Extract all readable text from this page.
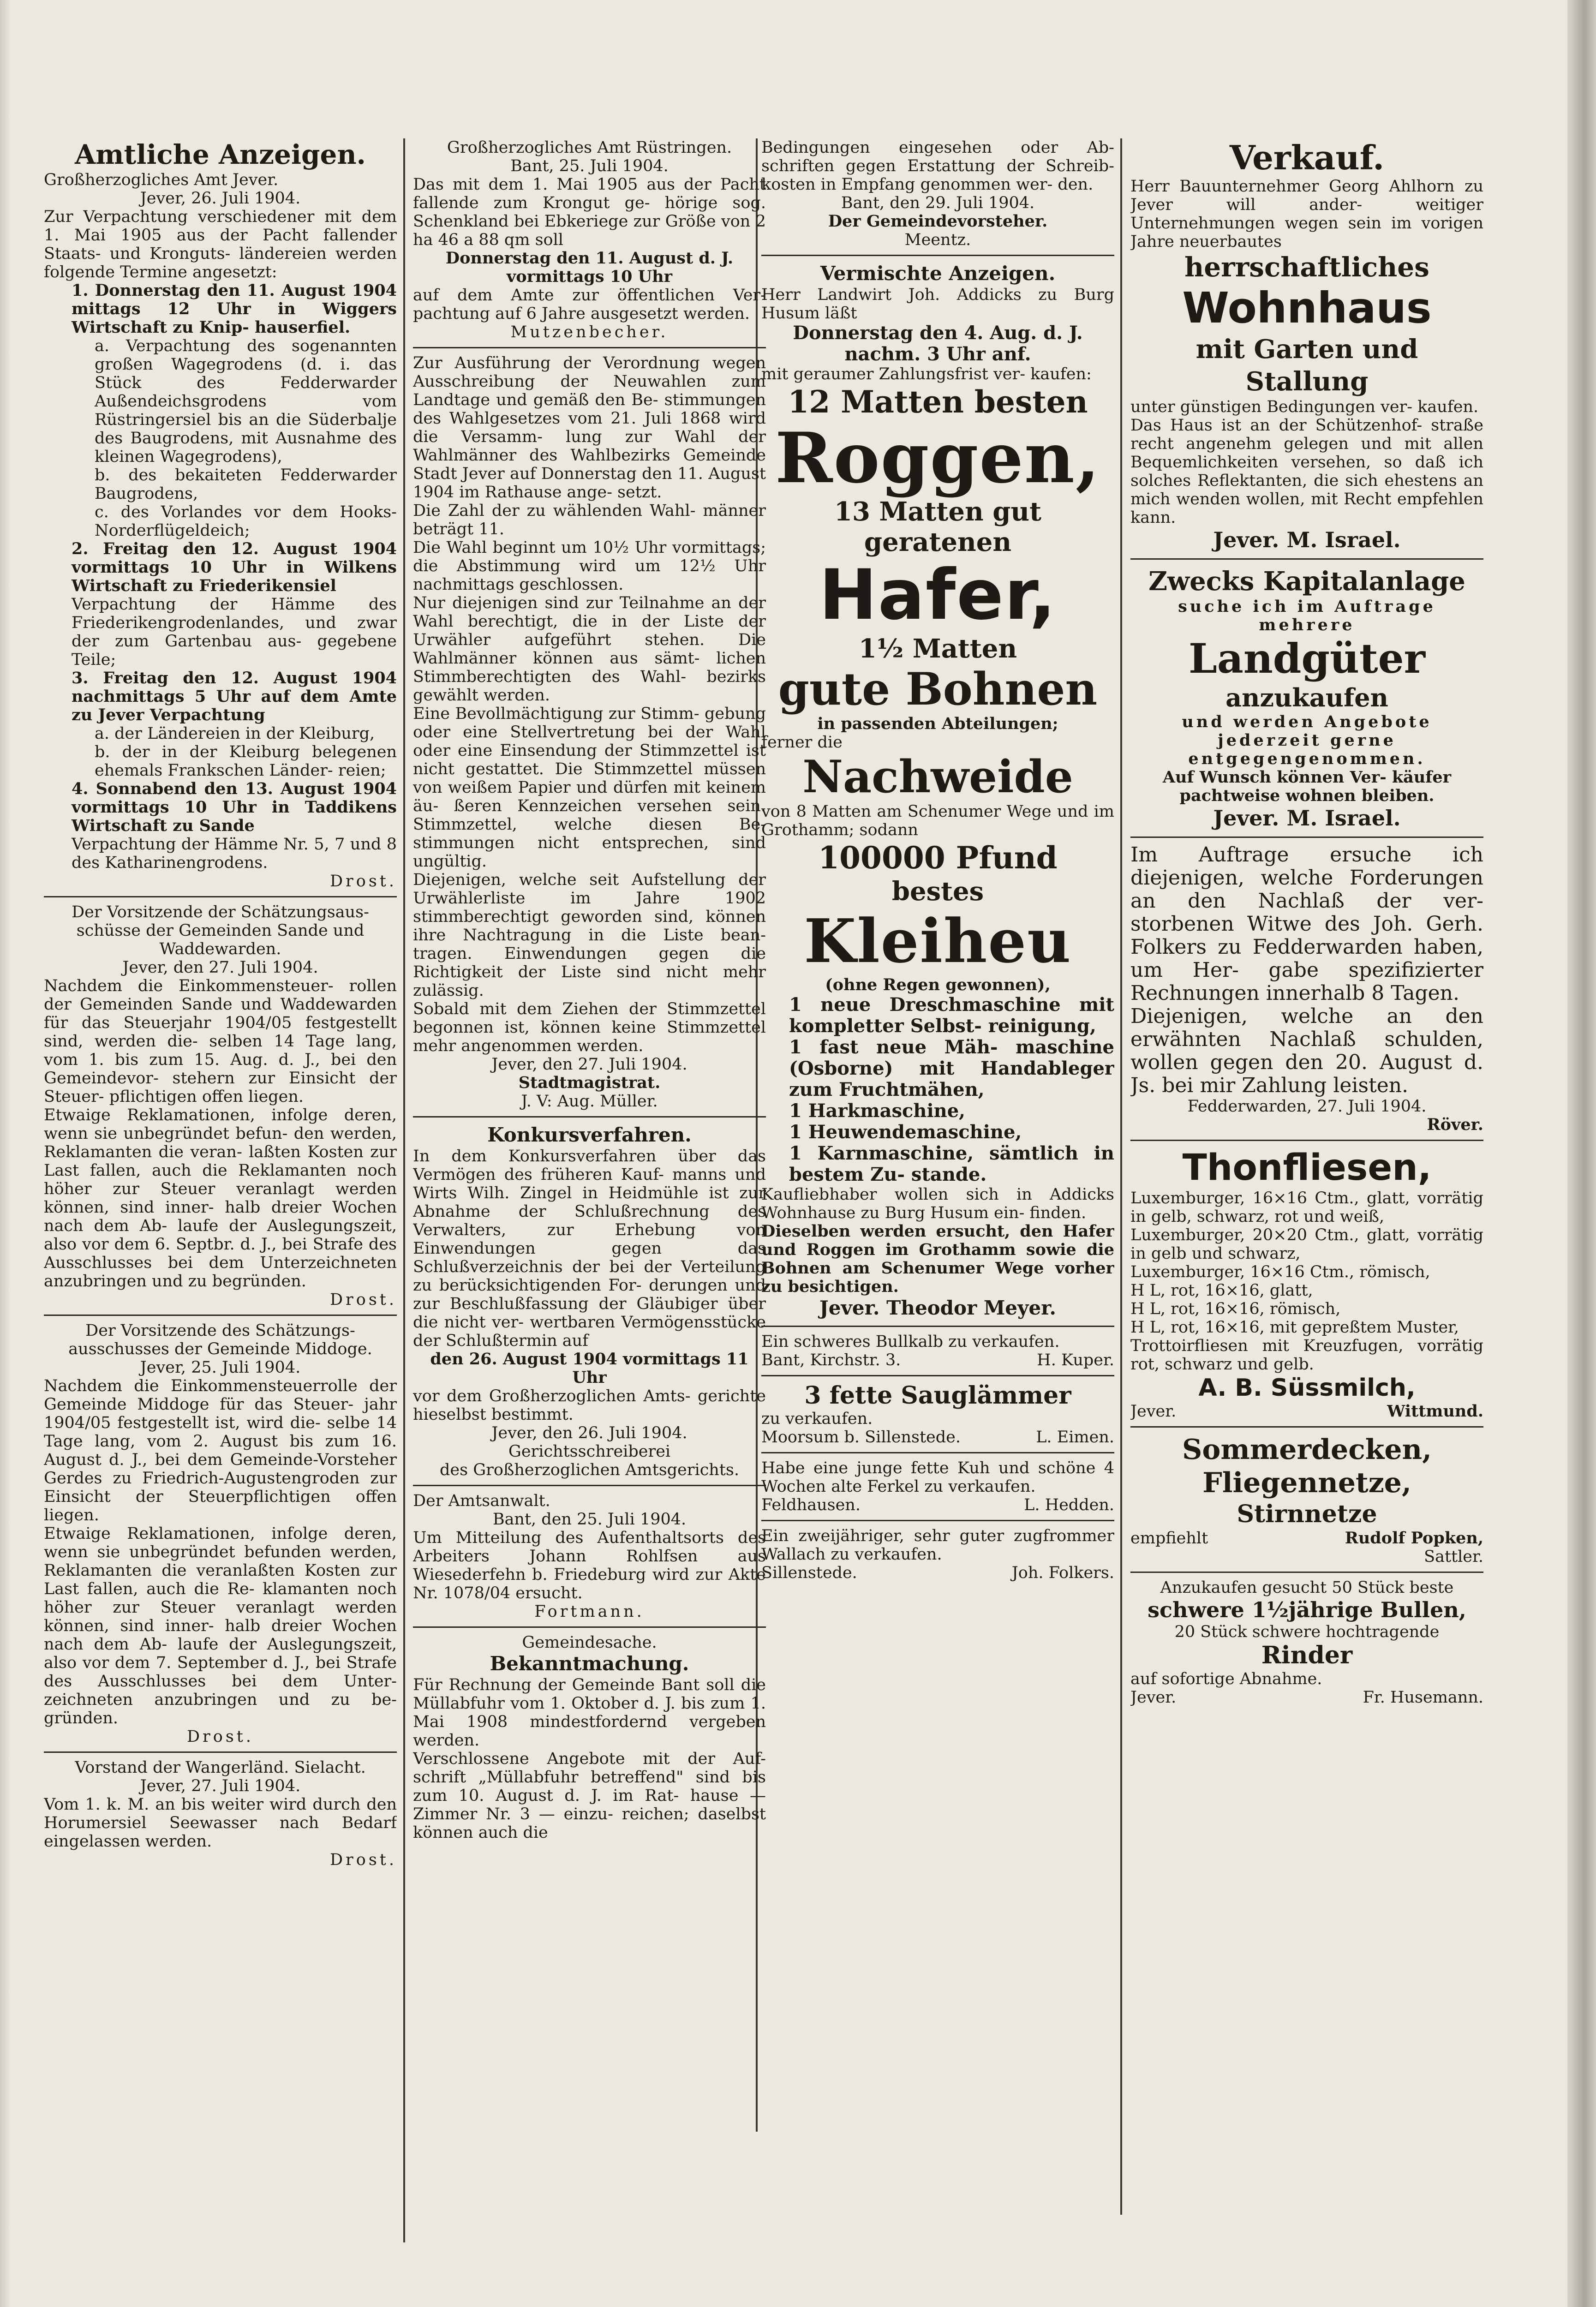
Amtliche Anzeigen.

Großherzogliches Amt Jever.

Jever, 26. Juli 1904.

Zur Verpachtung verschiedener mit dem 1. Mai 1905 aus der Pacht fallender Staats- und Kronguts- ländereien werden folgende Termine angesetzt:

1. Donnerstag den 11. August 1904 mittags 12 Uhr in Wiggers Wirtschaft zu Knip- hauserfiel.

a. Verpachtung des sogenannten großen Wagegrodens (d. i. das Stück des Fedderwarder Außendeichsgrodens vom Rüstringersiel bis an die Süderbalje des Baugrodens, mit Ausnahme des kleinen Wagegrodens),

b. des bekaiteten Fedderwarder Baugrodens,

c. des Vorlandes vor dem Hooks-Norderflügeldeich;

2. Freitag den 12. August 1904 vormittags 10 Uhr in Wilkens Wirtschaft zu Friederikensiel

Verpachtung der Hämme des Friederikengrodenlandes, und zwar der zum Gartenbau aus- gegebene Teile;

3. Freitag den 12. August 1904 nachmittags 5 Uhr auf dem Amte zu Jever Verpachtung

a. der Ländereien in der Kleiburg,

b. der in der Kleiburg belegenen ehemals Frankschen Länder- reien;

4. Sonnabend den 13. August 1904 vormittags 10 Uhr in Taddikens Wirtschaft zu Sande

Verpachtung der Hämme Nr. 5, 7 und 8 des Katharinengrodens.

Drost.

Der Vorsitzende der Schätzungsaus- schüsse der Gemeinden Sande und Waddewarden.

Jever, den 27. Juli 1904.

Nachdem die Einkommensteuer- rollen der Gemeinden Sande und Waddewarden für das Steuerjahr 1904/05 festgestellt sind, werden die- selben 14 Tage lang, vom 1. bis zum 15. Aug. d. J., bei den Gemeindevor- stehern zur Einsicht der Steuer- pflichtigen offen liegen.

Etwaige Reklamationen, infolge deren, wenn sie unbegründet befun- den werden, Reklamanten die veran- laßten Kosten zur Last fallen, auch die Reklamanten noch höher zur Steuer veranlagt werden können, sind inner- halb dreier Wochen nach dem Ab- laufe der Auslegungszeit, also vor dem 6. Septbr. d. J., bei Strafe des Ausschlusses bei dem Unterzeichneten anzubringen und zu begründen.

Drost.

Der Vorsitzende des Schätzungs- ausschusses der Gemeinde Middoge.

Jever, 25. Juli 1904.

Nachdem die Einkommensteuerrolle der Gemeinde Middoge für das Steuer- jahr 1904/05 festgestellt ist, wird die- selbe 14 Tage lang, vom 2. August bis zum 16. August d. J., bei dem Gemeinde-Vorsteher Gerdes zu Friedrich-Augustengroden zur Einsicht der Steuerpflichtigen offen liegen.

Etwaige Reklamationen, infolge deren, wenn sie unbegründet befunden werden, Reklamanten die veranlaßten Kosten zur Last fallen, auch die Re- klamanten noch höher zur Steuer veranlagt werden können, sind inner- halb dreier Wochen nach dem Ab- laufe der Auslegungszeit, also vor dem 7. September d. J., bei Strafe des Ausschlusses bei dem Unter- zeichneten anzubringen und zu be- gründen.

Drost.

Vorstand der Wangerländ. Sielacht.

Jever, 27. Juli 1904.

Vom 1. k. M. an bis weiter wird durch den Horumersiel Seewasser nach Bedarf eingelassen werden.

Drost.

Großherzogliches Amt Rüstringen.

Bant, 25. Juli 1904.

Das mit dem 1. Mai 1905 aus der Pacht fallende zum Krongut ge- hörige sog. Schenkland bei Ebkeriege zur Größe von 2 ha 46 a 88 qm soll

Donnerstag den 11. August d. J. vormittags 10 Uhr

auf dem Amte zur öffentlichen Ver- pachtung auf 6 Jahre ausgesetzt werden.

Mutzenbecher.

Zur Ausführung der Verordnung wegen Ausschreibung der Neuwahlen zum Landtage und gemäß den Be- stimmungen des Wahlgesetzes vom 21. Juli 1868 wird die Versamm- lung zur Wahl der Wahlmänner des Wahlbezirks Gemeinde Stadt Jever auf Donnerstag den 11. August 1904 im Rathause ange- setzt.

Die Zahl der zu wählenden Wahl- männer beträgt 11.

Die Wahl beginnt um 10½ Uhr vormittags; die Abstimmung wird um 12½ Uhr nachmittags geschlossen.

Nur diejenigen sind zur Teilnahme an der Wahl berechtigt, die in der Liste der Urwähler aufgeführt stehen. Die Wahlmänner können aus sämt- lichen Stimmberechtigten des Wahl- bezirks gewählt werden.

Eine Bevollmächtigung zur Stimm- gebung oder eine Stellvertretung bei der Wahl oder eine Einsendung der Stimmzettel ist nicht gestattet. Die Stimmzettel müssen von weißem Papier und dürfen mit keinem äu- ßeren Kennzeichen versehen sein. Stimmzettel, welche diesen Be- stimmungen nicht entsprechen, sind ungültig.

Diejenigen, welche seit Aufstellung der Urwählerliste im Jahre 1902 stimmberechtigt geworden sind, können ihre Nachtragung in die Liste bean- tragen. Einwendungen gegen die Richtigkeit der Liste sind nicht mehr zulässig.

Sobald mit dem Ziehen der Stimmzettel begonnen ist, können keine Stimmzettel mehr angenommen werden.

Jever, den 27. Juli 1904.

Stadtmagistrat.

J. V: Aug. Müller.

Konkursverfahren.

In dem Konkursverfahren über das Vermögen des früheren Kauf- manns und Wirts Wilh. Zingel in Heidmühle ist zur Abnahme der Schlußrechnung des Verwalters, zur Erhebung von Einwendungen gegen das Schlußverzeichnis der bei der Verteilung zu berücksichtigenden For- derungen und zur Beschlußfassung der Gläubiger über die nicht ver- wertbaren Vermögensstücke der Schlußtermin auf

den 26. August 1904 vormittags 11 Uhr

vor dem Großherzoglichen Amts- gerichte hieselbst bestimmt.

Jever, den 26. Juli 1904.

Gerichtsschreiberei

des Großherzoglichen Amtsgerichts.

Der Amtsanwalt.

Bant, den 25. Juli 1904.

Um Mitteilung des Aufenthaltsorts des Arbeiters Johann Rohlfsen aus Wiesederfehn b. Friedeburg wird zur Akte Nr. 1078/04 ersucht.

Fortmann.

Gemeindesache.

Bekanntmachung.

Für Rechnung der Gemeinde Bant soll die Müllabfuhr vom 1. Oktober d. J. bis zum 1. Mai 1908 mindestfordernd vergeben werden.

Verschlossene Angebote mit der Auf- schrift „Müllabfuhr betreffend" sind bis zum 10. August d. J. im Rat- hause — Zimmer Nr. 3 — einzu- reichen; daselbst können auch die

Bedingungen eingesehen oder Ab- schriften gegen Erstattung der Schreib- kosten in Empfang genommen wer- den.

Bant, den 29. Juli 1904.

Der Gemeindevorsteher.

Meentz.

Vermischte Anzeigen.

Herr Landwirt Joh. Addicks zu Burg Husum läßt

Donnerstag den 4. Aug. d. J. nachm. 3 Uhr anf.

mit geraumer Zahlungsfrist ver- kaufen:

12 Matten besten

Roggen,

13 Matten gut

geratenen

Hafer,

1½ Matten

gute Bohnen

in passenden Abteilungen;

ferner die

Nachweide

von 8 Matten am Schenumer Wege und im Grothamm; sodann

100000 Pfund

bestes

Kleiheu

(ohne Regen gewonnen),

1 neue Dreschmaschine mit kompletter Selbst- reinigung,

1 fast neue Mäh- maschine (Osborne) mit Handableger zum Fruchtmähen,

1 Harkmaschine,

1 Heuwendemaschine,

1 Karnmaschine, sämtlich in bestem Zu- stande.

Kaufliebhaber wollen sich in Addicks Wohnhause zu Burg Husum ein- finden.

Dieselben werden ersucht, den Hafer und Roggen im Grothamm sowie die Bohnen am Schenumer Wege vorher zu besichtigen.

Jever. Theodor Meyer.

Ein schweres Bullkalb zu verkaufen.

Bant, Kirchstr. 3.	H. Kuper.

3 fette Sauglämmer

zu verkaufen.

Moorsum b. Sillenstede.	L. Eimen.

Habe eine junge fette Kuh und schöne 4 Wochen alte Ferkel zu verkaufen.

Feldhausen.	L. Hedden.

Ein zweijähriger, sehr guter zugfrommer Wallach zu verkaufen.

Sillenstede.	Joh. Folkers.

Verkauf.

Herr Bauunternehmer Georg Ahlhorn zu Jever will ander- weitiger Unternehmungen wegen sein im vorigen Jahre neuerbautes

herrschaftliches

Wohnhaus

mit Garten und Stallung

unter günstigen Bedingungen ver- kaufen.

Das Haus ist an der Schützenhof- straße recht angenehm gelegen und mit allen Bequemlichkeiten versehen, so daß ich solches Reflektanten, die sich ehestens an mich wenden wollen, mit Recht empfehlen kann.

Jever. M. Israel.

Zwecks Kapitalanlage

suche ich im Auftrage mehrere

Landgüter

anzukaufen

und werden Angebote jederzeit gerne entgegengenommen.

Auf Wunsch können Ver- käufer pachtweise wohnen bleiben.

Jever. M. Israel.

Im Auftrage ersuche ich diejenigen, welche Forderungen an den Nachlaß der ver- storbenen Witwe des Joh. Gerh. Folkers zu Fedderwarden haben, um Her- gabe spezifizierter Rechnungen innerhalb 8 Tagen.

Diejenigen, welche an den erwähnten Nachlaß schulden, wollen gegen den 20. August d. Js. bei mir Zahlung leisten.

Fedderwarden, 27. Juli 1904.

Röver.

Thonfliesen,

Luxemburger, 16×16 Ctm., glatt, vorrätig in gelb, schwarz, rot und weiß,

Luxemburger, 20×20 Ctm., glatt, vorrätig in gelb und schwarz,

Luxemburger, 16×16 Ctm., römisch,

H L, rot, 16×16, glatt,

H L, rot, 16×16, römisch,

H L, rot, 16×16, mit gepreßtem Muster,

Trottoirfliesen mit Kreuzfugen, vorrätig rot, schwarz und gelb.

A. B. Süssmilch,

Jever.	Wittmund.

Sommerdecken,

Fliegennetze,

Stirnnetze

empfiehlt	Rudolf Popken,

Sattler.

Anzukaufen gesucht 50 Stück beste

schwere 1½jährige Bullen,

20 Stück schwere hochtragende

Rinder

auf sofortige Abnahme.

Jever.	Fr. Husemann.
